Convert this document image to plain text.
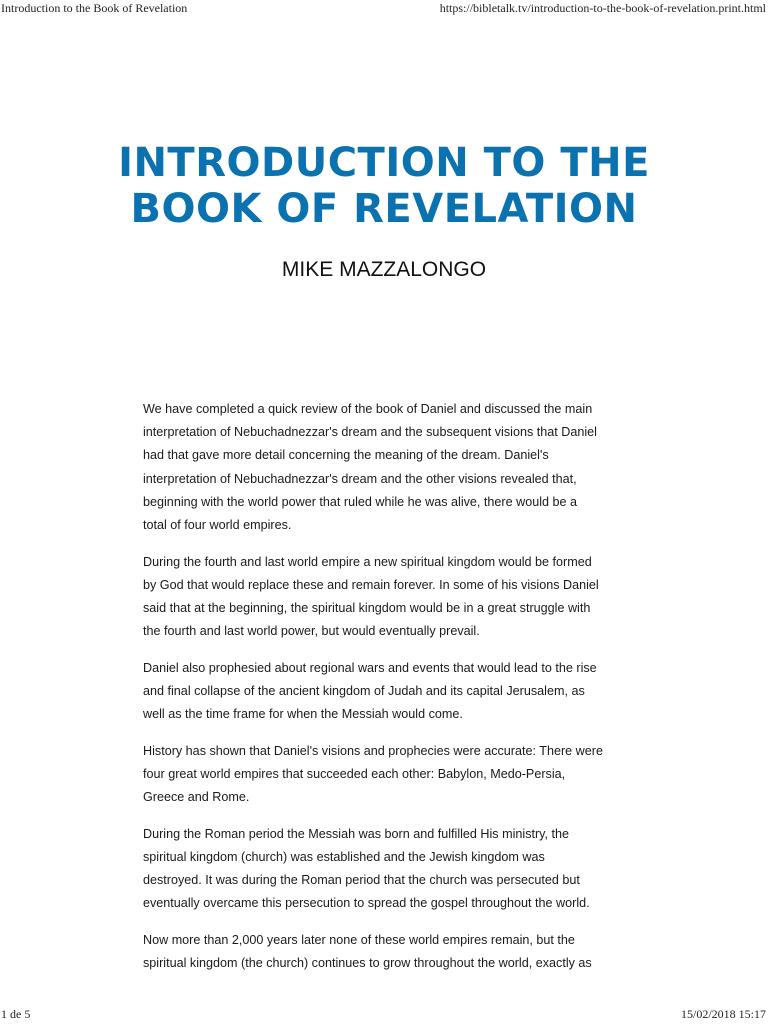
Introduction to the Book of Revelation	https://bibletalk.tv/introduction-to-the-book-of-revelation.print.html
INTRODUCTION TO THE
BOOK OF REVELATION
MIKE MAZZALONGO

We have completed a quick review of the book of Daniel and discussed the main
interpretation of Nebuchadnezzar's dream and the subsequent visions that Daniel
had that gave more detail concerning the meaning of the dream. Daniel's
interpretation of Nebuchadnezzar's dream and the other visions revealed that,
beginning with the world power that ruled while he was alive, there would be a
total of four world empires.

During the fourth and last world empire a new spiritual kingdom would be formed
by God that would replace these and remain forever. In some of his visions Daniel
said that at the beginning, the spiritual kingdom would be in a great struggle with
the fourth and last world power, but would eventually prevail.

Daniel also prophesied about regional wars and events that would lead to the rise
and final collapse of the ancient kingdom of Judah and its capital Jerusalem, as
well as the time frame for when the Messiah would come.

History has shown that Daniel's visions and prophecies were accurate: There were
four great world empires that succeeded each other: Babylon, Medo-Persia,
Greece and Rome.

During the Roman period the Messiah was born and fulfilled His ministry, the
spiritual kingdom (church) was established and the Jewish kingdom was
destroyed. It was during the Roman period that the church was persecuted but
eventually overcame this persecution to spread the gospel throughout the world.

Now more than 2,000 years later none of these world empires remain, but the
spiritual kingdom (the church) continues to grow throughout the world, exactly as

1 de 5	15/02/2018 15:17
